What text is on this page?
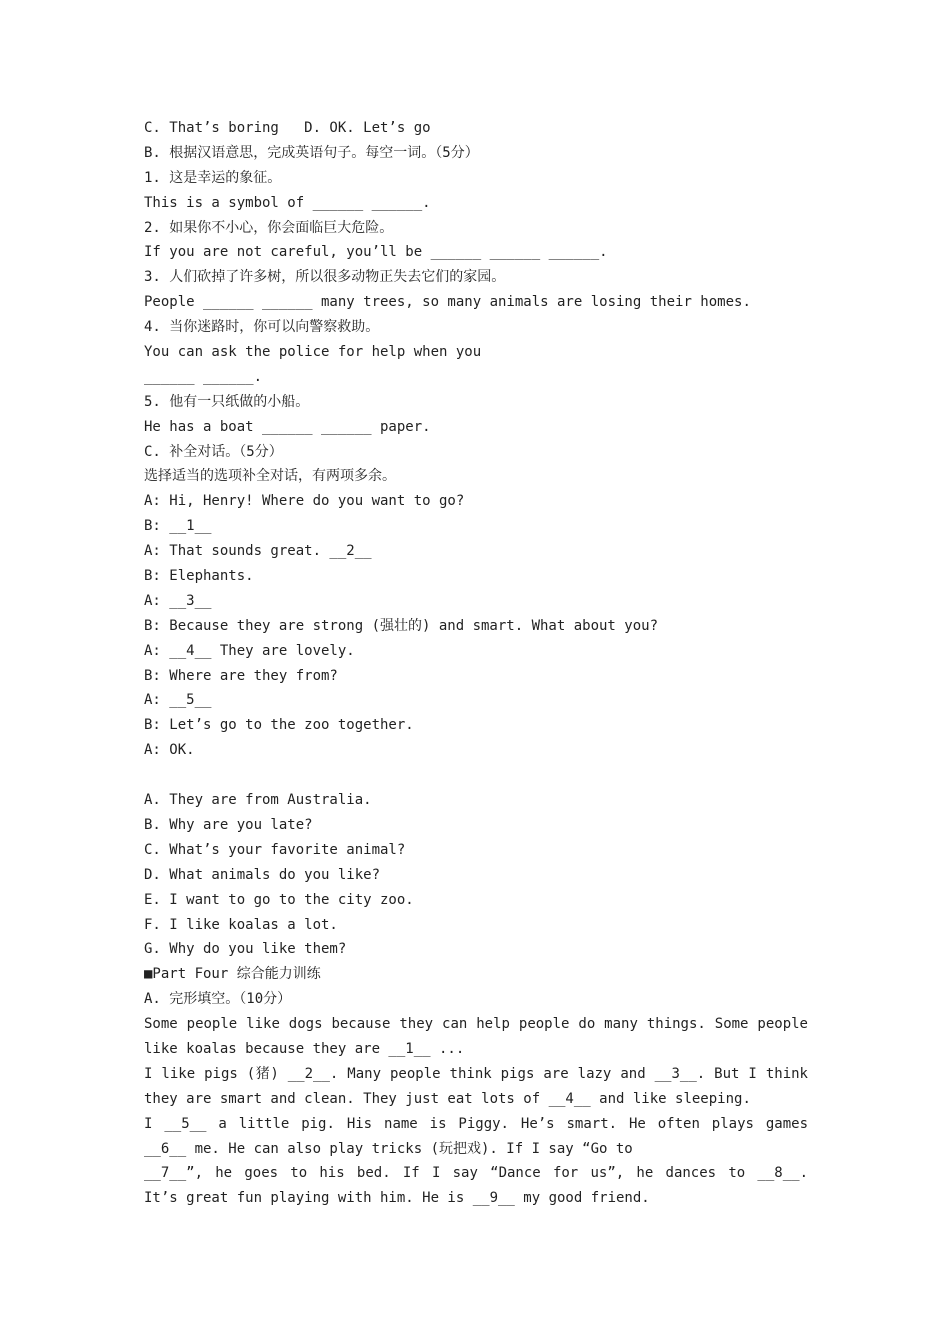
C. That’s boring   D. OK. Let’s go
B. 根据汉语意思，完成英语句子。每空一词。（5分）
1. 这是幸运的象征。
This is a symbol of ______ ______.
2. 如果你不小心，你会面临巨大危险。
If you are not careful, you’ll be ______ ______ ______.
3. 人们砍掉了许多树，所以很多动物正失去它们的家园。
People ______ ______ many trees, so many animals are losing their homes.
4. 当你迷路时，你可以向警察救助。
You can ask the police for help when you
______ ______.
5. 他有一只纸做的小船。
He has a boat ______ ______ paper.
C. 补全对话。（5分）
选择适当的选项补全对话，有两项多余。
A: Hi, Henry! Where do you want to go?
B: __1__
A: That sounds great. __2__
B: Elephants.
A: __3__
B: Because they are strong (强壮的) and smart. What about you?
A: __4__ They are lovely.
B: Where are they from?
A: __5__
B: Let’s go to the zoo together.
A: OK.
A. They are from Australia.
B. Why are you late?
C. What’s your favorite animal?
D. What animals do you like?
E. I want to go to the city zoo.
F. I like koalas a lot.
G. Why do you like them?
■Part Four 综合能力训练
A. 完形填空。（10分）
Some people like dogs because they can help people do many things. Some people
like koalas because they are __1__ ...
I like pigs (猪) __2__. Many people think pigs are lazy and __3__. But I think
they are smart and clean. They just eat lots of __4__ and like sleeping.
I __5__ a little pig. His name is Piggy. He’s smart. He often plays games
__6__ me. He can also play tricks (玩把戏). If I say “Go to
__7__”, he goes to his bed. If I say “Dance for us”, he dances to __8__.
It’s great fun playing with him. He is __9__ my good friend.
